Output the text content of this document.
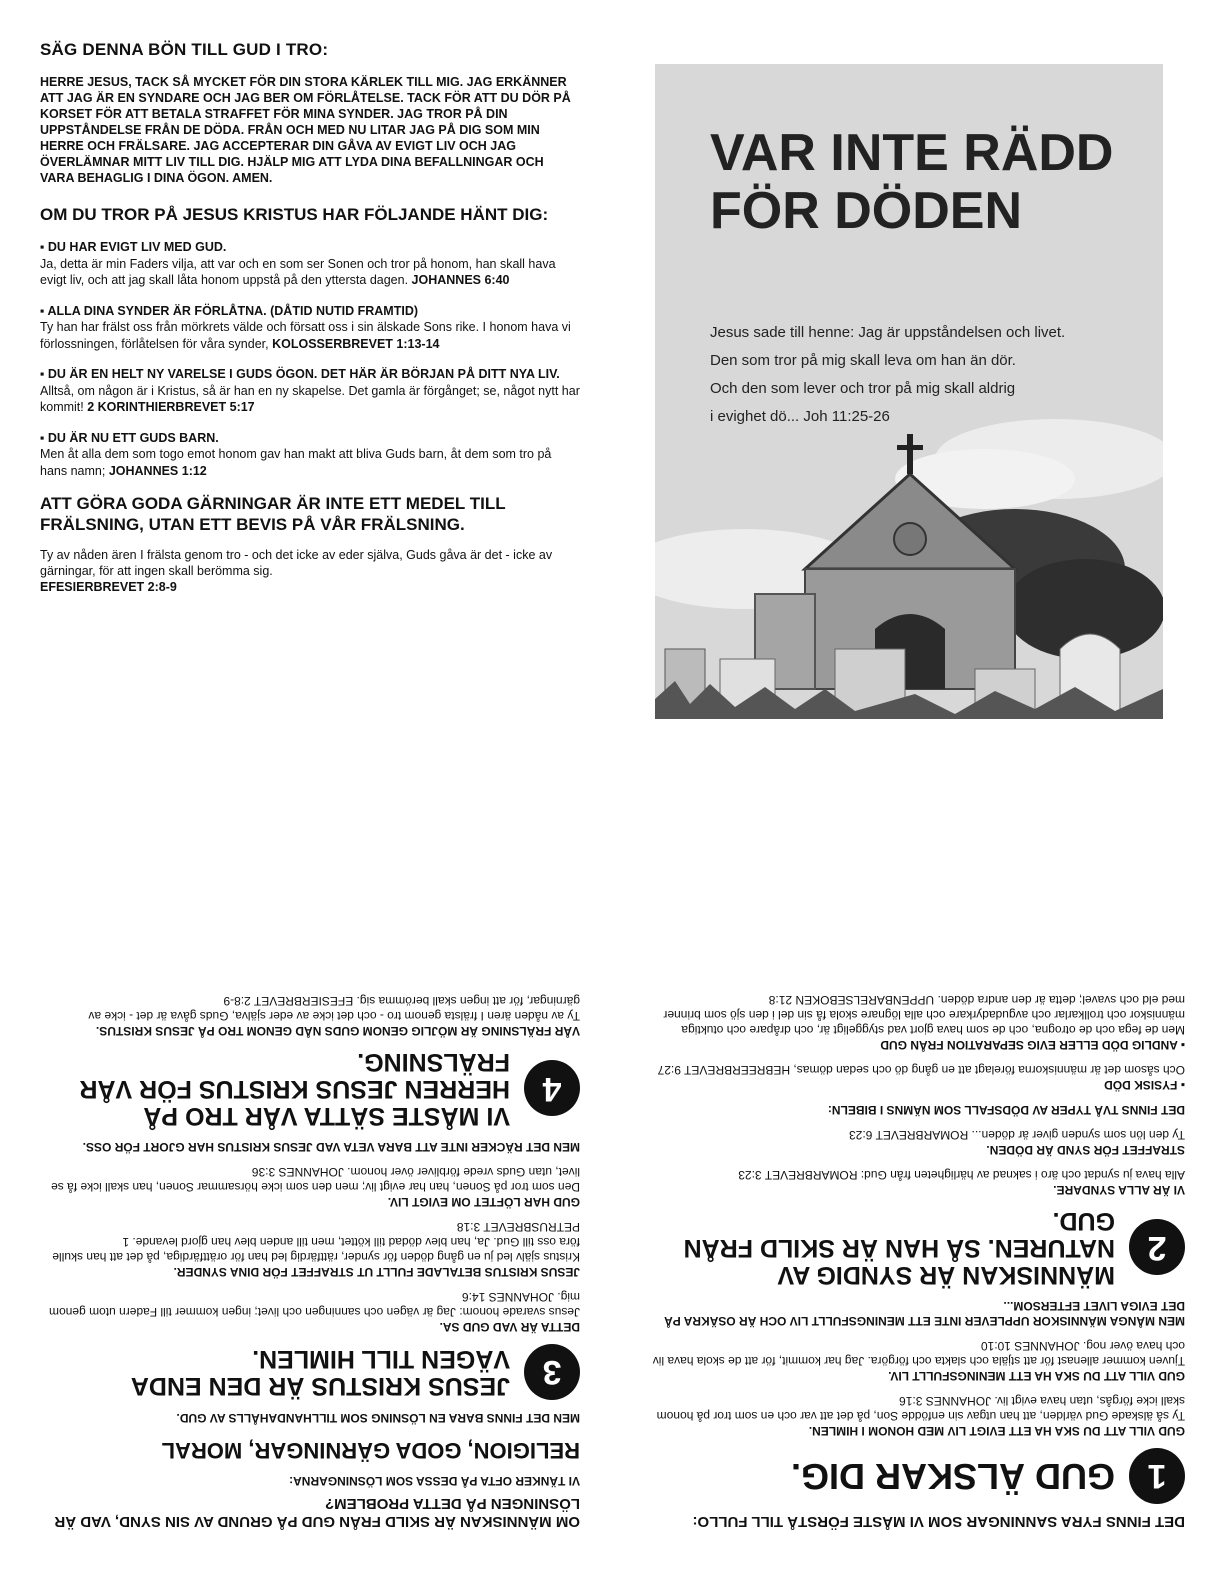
SÄG DENNA BÖN TILL GUD I TRO:
HERRE JESUS, TACK SÅ MYCKET FÖR DIN STORA KÄRLEK TILL MIG. JAG ERKÄNNER ATT JAG ÄR EN SYNDARE OCH JAG BER OM FÖRLÅTELSE. TACK FÖR ATT DU DÖR PÅ KORSET FÖR ATT BETALA STRAFFET FÖR MINA SYNDER. JAG TROR PÅ DIN UPPSTÅNDELSE FRÅN DE DÖDA. FRÅN OCH MED NU LITAR JAG PÅ DIG SOM MIN HERRE OCH FRÄLSARE. JAG ACCEPTERAR DIN GÅVA AV EVIGT LIV OCH JAG ÖVERLÄMNAR MITT LIV TILL DIG. HJÄLP MIG ATT LYDA DINA BEFALLNINGAR OCH VARA BEHAGLIG I DINA ÖGON. AMEN.
OM DU TROR PÅ JESUS KRISTUS HAR FÖLJANDE HÄNT DIG:
▪ DU HAR EVIGT LIV MED GUD.
Ja, detta är min Faders vilja, att var och en som ser Sonen och tror på honom, han skall hava evigt liv, och att jag skall låta honom uppstå på den yttersta dagen. JOHANNES 6:40
▪ ALLA DINA SYNDER ÄR FÖRLÅTNA. (DÅTID NUTID FRAMTID)
Ty han har frälst oss från mörkrets välde och försatt oss i sin älskade Sons rike. I honom hava vi förlossningen, förlåtelsen för våra synder, KOLOSSERBREVET 1:13-14
▪ DU ÄR EN HELT NY VARELSE I GUDS ÖGON. DET HÄR ÄR BÖRJAN PÅ DITT NYA LIV.
Alltså, om någon är i Kristus, så är han en ny skapelse. Det gamla är förgånget; se, något nytt har kommit! 2 KORINTHIERBREVET 5:17
▪ DU ÄR NU ETT GUDS BARN.
Men åt alla dem som togo emot honom gav han makt att bliva Guds barn, åt dem som tro på hans namn; JOHANNES 1:12
ATT GÖRA GODA GÄRNINGAR ÄR INTE ETT MEDEL TILL FRÄLSNING, UTAN ETT BEVIS PÅ VÅR FRÄLSNING.
Ty av nåden ären I frälsta genom tro - och det icke av eder själva, Guds gåva är det - icke av gärningar, för att ingen skall berömma sig.
EFESIERBREVET 2:8-9
VAR INTE RÄDD FÖR DÖDEN
Jesus sade till henne: Jag är uppståndelsen och livet.
Den som tror på mig skall leva om han än dör.
Och den som lever och tror på mig skall aldrig
i evighet dö... Joh 11:25-26
DET FINNS FYRA SANNINGAR SOM VI MÅSTE FÖRSTÅ TILL FULLO:
1
GUD ÄLSKAR DIG.
GUD VILL ATT DU SKA HA ETT EVIGT LIV MED HONOM I HIMLEN.
Ty så älskade Gud världen, att han utgav sin enfödde Son, på det att var och en som tror på honom skall icke förgås, utan hava evigt liv. JOHANNES 3:16
GUD VILL ATT DU SKA HA ETT MENINGSFULLT LIV.
Tjuven kommer allenast för att stjäla och slakta och förgöra. Jag har kommit, för att de skola hava liv och hava över nog. JOHANNES 10:10
MEN MÅNGA MÄNNISKOR UPPLEVER INTE ETT MENINGSFULLT LIV OCH ÄR OSÄKRA PÅ DET EVIGA LIVET EFTERSOM...
2
MÄNNISKAN ÄR SYNDIG AV NATUREN. SÅ HAN ÄR SKILD FRÅN GUD.
VI ÄR ALLA SYNDARE.
Alla hava ju syndat och äro i saknad av härligheten från Gud: ROMARBREVET 3:23
STRAFFET FÖR SYND ÄR DÖDEN.
Ty den lön som synden giver är döden... ROMARBREVET 6:23
DET FINNS TVÅ TYPER AV DÖDSFALL SOM NÄMNS I BIBELN:
▪ FYSISK DÖD
Och såsom det är människorna förelagt att en gång dö och sedan dömas, HEBREERBREVET 9:27
▪ ANDLIG DÖD ELLER EVIG SEPARATION FRÅN GUD
Men de fega och de otrogna, och de som hava gjort vad styggeligt är, och dråpare och otuktiga människor och trollkarlar och avgudadyrkare och alla lögnare skola få sin del i den sjö som brinner med eld och svavel; detta är den andra döden. UPPENBARELSEBOKEN 21:8
OM MÄNNISKAN ÄR SKILD FRÅN GUD PÅ GRUND AV SIN SYND, VAD ÄR LÖSNINGEN PÅ DETTA PROBLEM?
VI TÄNKER OFTA PÅ DESSA SOM LÖSNINGARNA:
RELIGION, GODA GÄRNINGAR, MORAL
MEN DET FINNS BARA EN LÖSNING SOM TILLHANDAHÅLLS AV GUD.
3
JESUS KRISTUS ÄR DEN ENDA VÄGEN TILL HIMLEN.
DETTA ÄR VAD GUD SA.
Jesus svarade honom: Jag är vägen och sanningen och livet; ingen kommer till Fadern utom genom mig. JOHANNES 14:6
JESUS KRISTUS BETALADE FULLT UT STRAFFET FÖR DINA SYNDER.
Kristus själv led ju en gång döden för synder, rättfärdig led han för orättfärdiga, på det att han skulle föra oss till Gud. Ja, han blev dödad till köttet, men till anden blev han gjord levande. 1 PETRUSBREVET 3:18
GUD HAR LÖFTET OM EVIGT LIV.
Den som tror på Sonen, han har evigt liv; men den som icke hörsammar Sonen, han skall icke få se livet, utan Guds vrede förbliver över honom. JOHANNES 3:36
MEN DET RÄCKER INTE ATT BARA VETA VAD JESUS KRISTUS HAR GJORT FÖR OSS.
4
VI MÅSTE SÄTTA VÅR TRO PÅ HERREN JESUS KRISTUS FÖR VÅR FRÄLSNING.
VÅR FRÄLSNING ÄR MÖJLIG GENOM GUDS NÅD GENOM TRO PÅ JESUS KRISTUS.
Ty av nåden ären I frälsta genom tro - och det icke av eder själva, Guds gåva är det - icke av gärningar, för att ingen skall berömma sig. EFESIERBREVET 2:8-9
